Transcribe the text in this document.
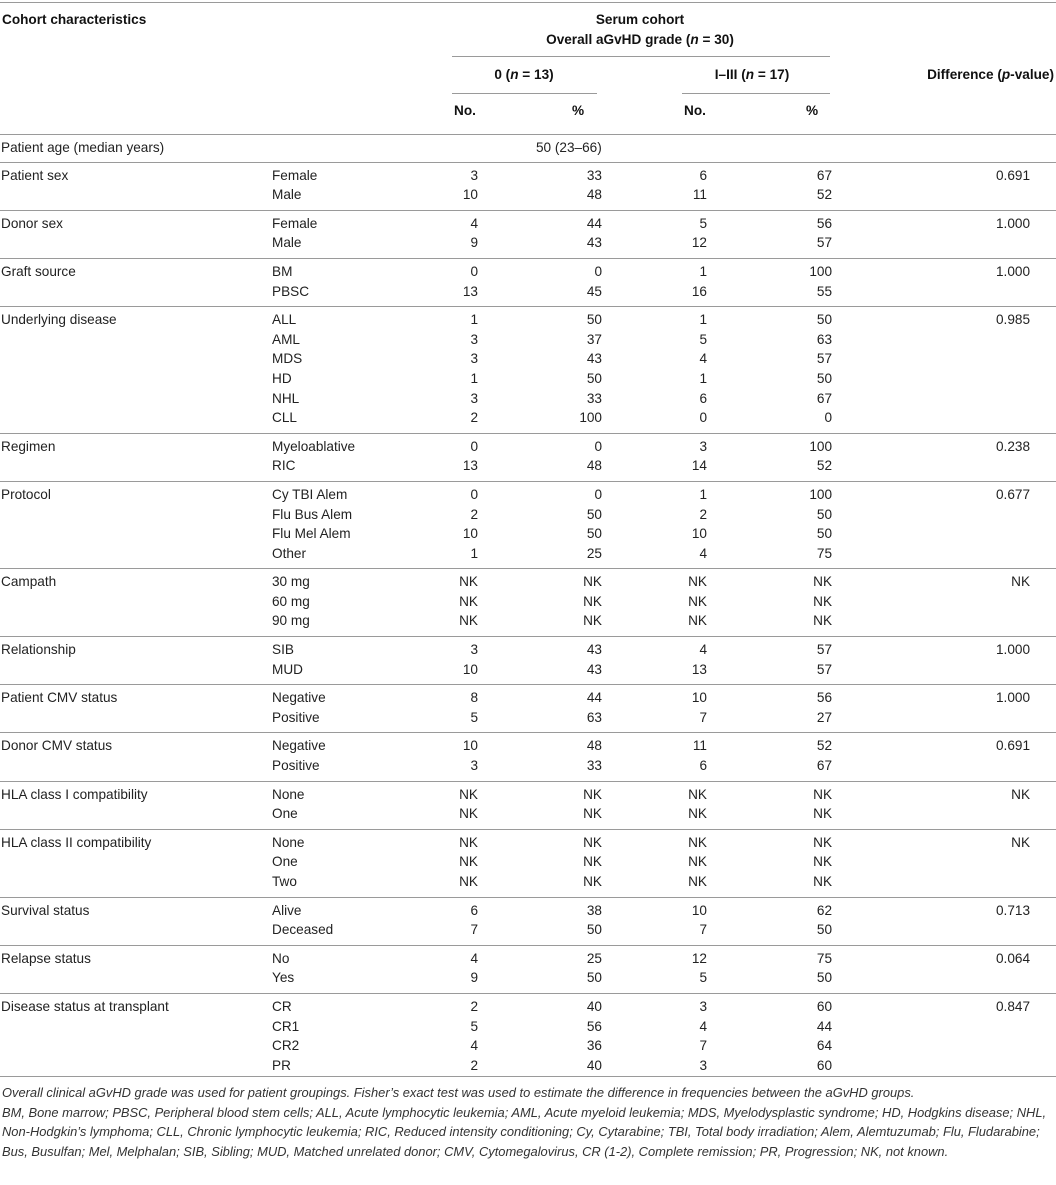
Cohort characteristics	Serum cohort
Overall aGvHD grade (n = 30)
0 (n = 13)	I–III (n = 17)	Difference (p-value)
No.	%	No.	%
Patient age (median years)		50 (23–66)				
Patient sex	Female	3	33	6	67	0.691
	Male	10	48	11	52	
Donor sex	Female	4	44	5	56	1.000
	Male	9	43	12	57	
Graft source	BM	0	0	1	100	1.000
	PBSC	13	45	16	55	
Underlying disease	ALL	1	50	1	50	0.985
	AML	3	37	5	63	
	MDS	3	43	4	57	
	HD	1	50	1	50	
	NHL	3	33	6	67	
	CLL	2	100	0	0	
Regimen	Myeloablative	0	0	3	100	0.238
	RIC	13	48	14	52	
Protocol	Cy TBI Alem	0	0	1	100	0.677
	Flu Bus Alem	2	50	2	50	
	Flu Mel Alem	10	50	10	50	
	Other	1	25	4	75	
Campath	30 mg	NK	NK	NK	NK	NK
	60 mg	NK	NK	NK	NK	
	90 mg	NK	NK	NK	NK	
Relationship	SIB	3	43	4	57	1.000
	MUD	10	43	13	57	
Patient CMV status	Negative	8	44	10	56	1.000
	Positive	5	63	7	27	
Donor CMV status	Negative	10	48	11	52	0.691
	Positive	3	33	6	67	
HLA class I compatibility	None	NK	NK	NK	NK	NK
	One	NK	NK	NK	NK	
HLA class II compatibility	None	NK	NK	NK	NK	NK
	One	NK	NK	NK	NK	
	Two	NK	NK	NK	NK	
Survival status	Alive	6	38	10	62	0.713
	Deceased	7	50	7	50	
Relapse status	No	4	25	12	75	0.064
	Yes	9	50	5	50	
Disease status at transplant	CR	2	40	3	60	0.847
	CR1	5	56	4	44	
	CR2	4	36	7	64	
	PR	2	40	3	60	
Overall clinical aGvHD grade was used for patient groupings. Fisher’s exact test was used to estimate the difference in frequencies between the aGvHD groups.
BM, Bone marrow; PBSC, Peripheral blood stem cells; ALL, Acute lymphocytic leukemia; AML, Acute myeloid leukemia; MDS, Myelodysplastic syndrome; HD, Hodgkins disease; NHL, Non-Hodgkin’s lymphoma; CLL, Chronic lymphocytic leukemia; RIC, Reduced intensity conditioning; Cy, Cytarabine; TBI, Total body irradiation; Alem, Alemtuzumab; Flu, Fludarabine; Bus, Busulfan; Mel, Melphalan; SIB, Sibling; MUD, Matched unrelated donor; CMV, Cytomegalovirus, CR (1-2), Complete remission; PR, Progression; NK, not known.
